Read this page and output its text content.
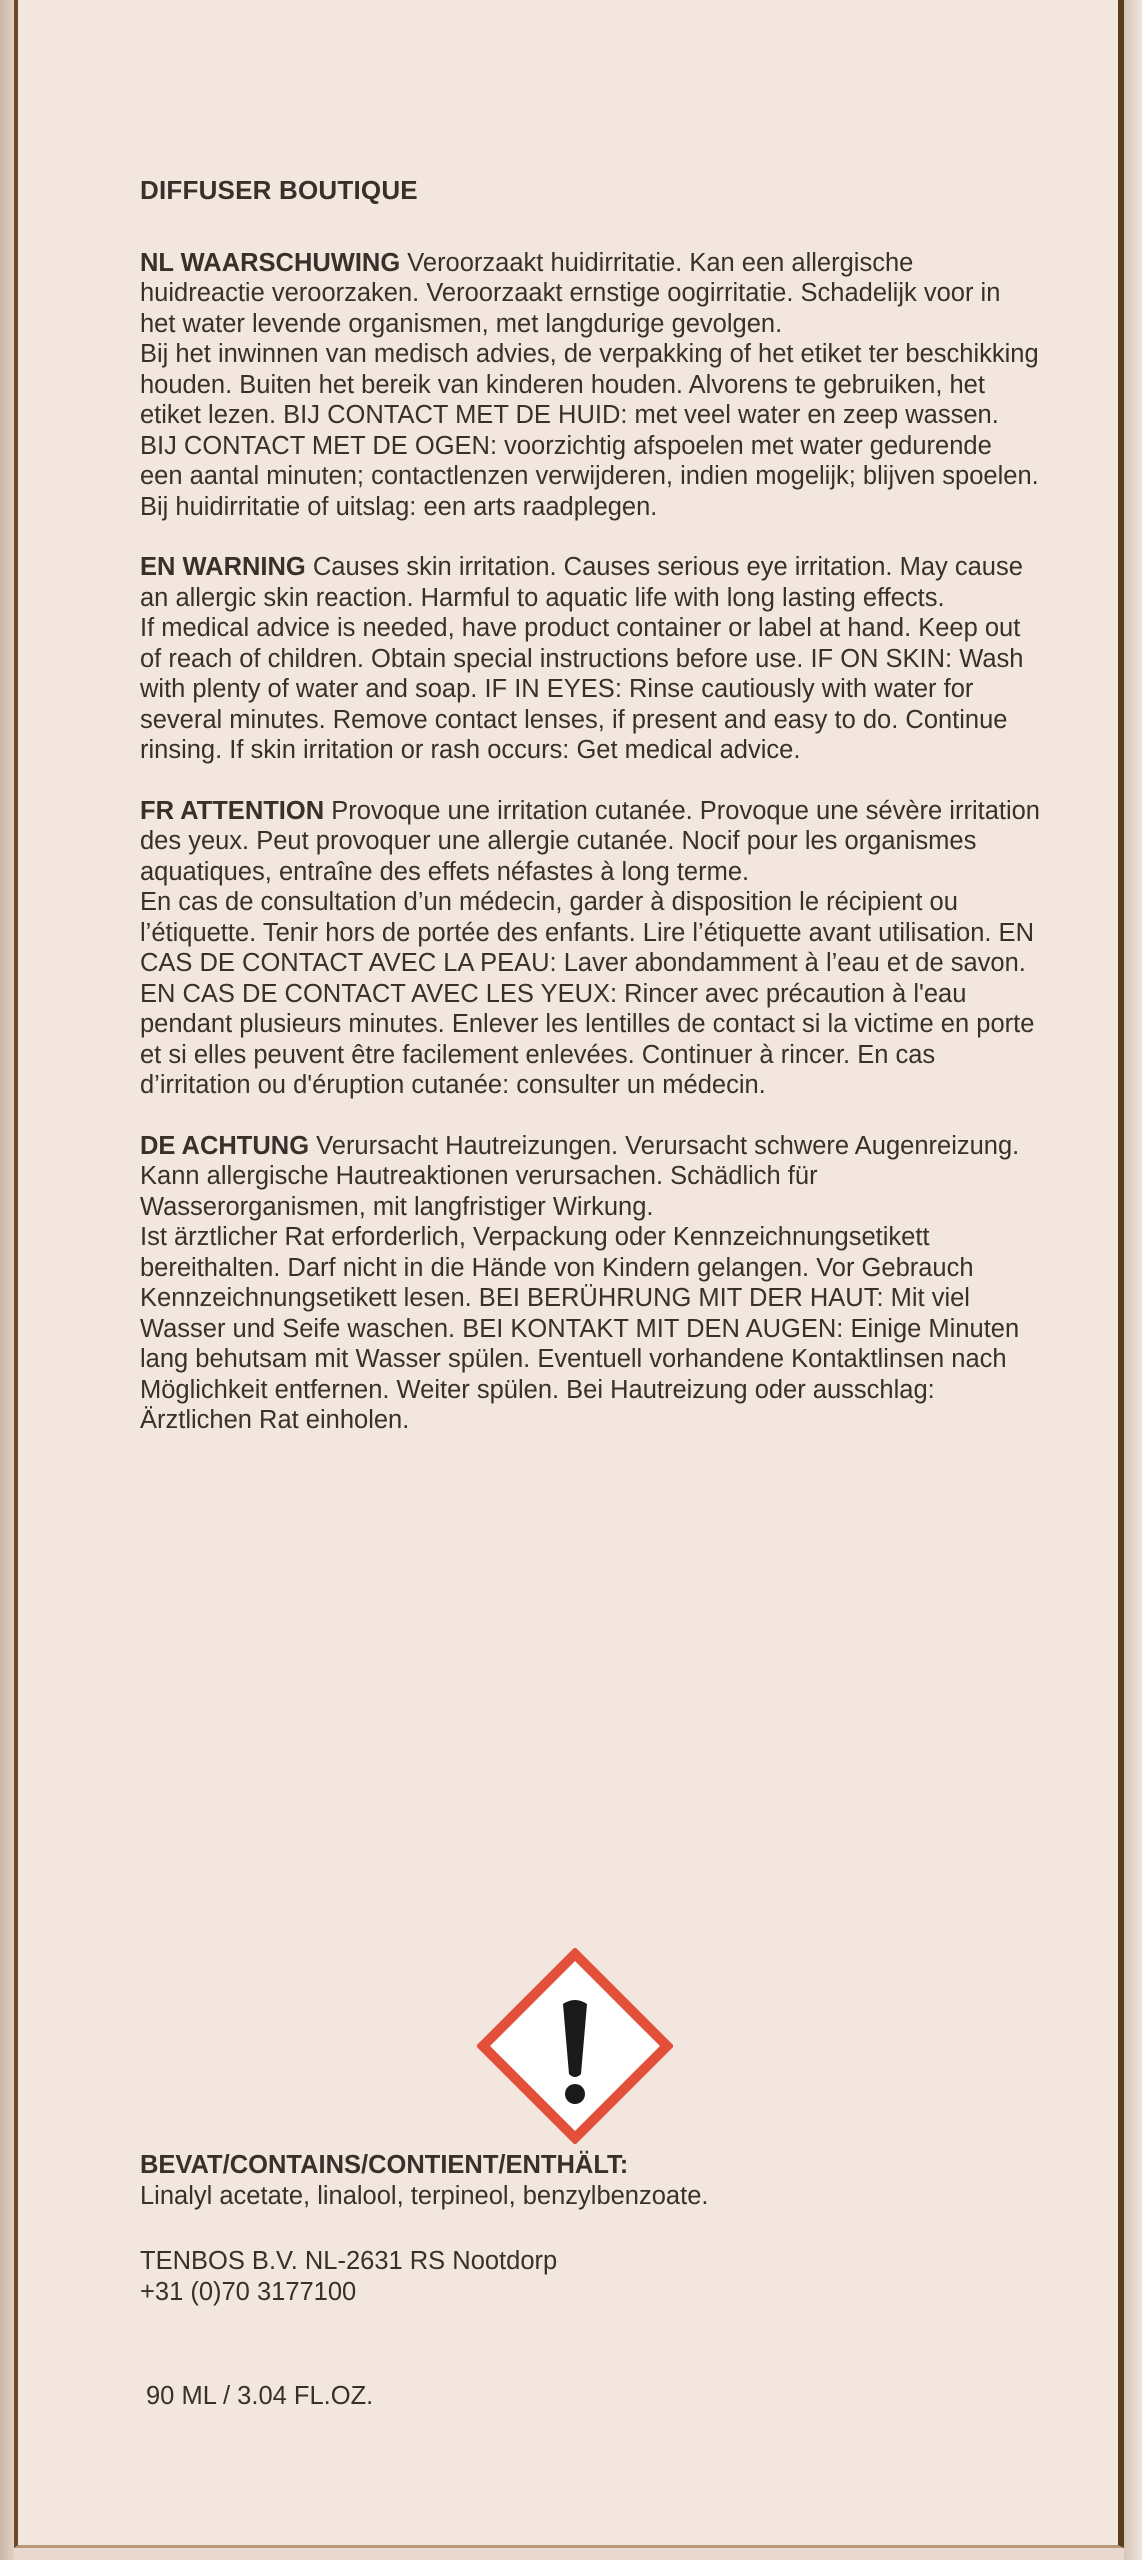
DIFFUSER BOUTIQUE

NL WAARSCHUWING Veroorzaakt huidirritatie. Kan een allergische huidreactie veroorzaken. Veroorzaakt ernstige oogirritatie. Schadelijk voor in het water levende organismen, met langdurige gevolgen.

Bij het inwinnen van medisch advies, de verpakking of het etiket ter beschikking houden. Buiten het bereik van kinderen houden. Alvorens te gebruiken, het etiket lezen. BIJ CONTACT MET DE HUID: met veel water en zeep wassen. BIJ CONTACT MET DE OGEN: voorzichtig afspoelen met water gedurende een aantal minuten; contactlenzen verwijderen, indien mogelijk; blijven spoelen. Bij huidirritatie of uitslag: een arts raadplegen.

EN WARNING Causes skin irritation. Causes serious eye irritation. May cause an allergic skin reaction. Harmful to aquatic life with long lasting effects.

If medical advice is needed, have product container or label at hand. Keep out of reach of children. Obtain special instructions before use. IF ON SKIN: Wash with plenty of water and soap. IF IN EYES: Rinse cautiously with water for several minutes. Remove contact lenses, if present and easy to do. Continue rinsing. If skin irritation or rash occurs: Get medical advice.

FR ATTENTION Provoque une irritation cutanée. Provoque une sévère irritation des yeux. Peut provoquer une allergie cutanée. Nocif pour les organismes aquatiques, entraîne des effets néfastes à long terme.

En cas de consultation d’un médecin, garder à disposition le récipient ou l’étiquette. Tenir hors de portée des enfants. Lire l’étiquette avant utilisation. EN CAS DE CONTACT AVEC LA PEAU: Laver abondamment à l’eau et de savon. EN CAS DE CONTACT AVEC LES YEUX: Rincer avec précaution à l'eau pendant plusieurs minutes. Enlever les lentilles de contact si la victime en porte et si elles peuvent être facilement enlevées. Continuer à rincer. En cas d’irritation ou d'éruption cutanée: consulter un médecin.

DE ACHTUNG Verursacht Hautreizungen. Verursacht schwere Augenreizung. Kann allergische Hautreaktionen verursachen. Schädlich für Wasserorganismen, mit langfristiger Wirkung.

Ist ärztlicher Rat erforderlich, Verpackung oder Kennzeichnungsetikett bereithalten. Darf nicht in die Hände von Kindern gelangen. Vor Gebrauch Kennzeichnungsetikett lesen. BEI BERÜHRUNG MIT DER HAUT: Mit viel Wasser und Seife waschen. BEI KONTAKT MIT DEN AUGEN: Einige Minuten lang behutsam mit Wasser spülen. Eventuell vorhandene Kontaktlinsen nach Möglichkeit entfernen. Weiter spülen. Bei Hautreizung oder ausschlag: Ärztlichen Rat einholen.

BEVAT/CONTAINS/CONTIENT/ENTHÄLT:
Linalyl acetate, linalool, terpineol, benzylbenzoate.
TENBOS B.V. NL-2631 RS Nootdorp
+31 (0)70 3177100
90 ML / 3.04 FL.OZ.
